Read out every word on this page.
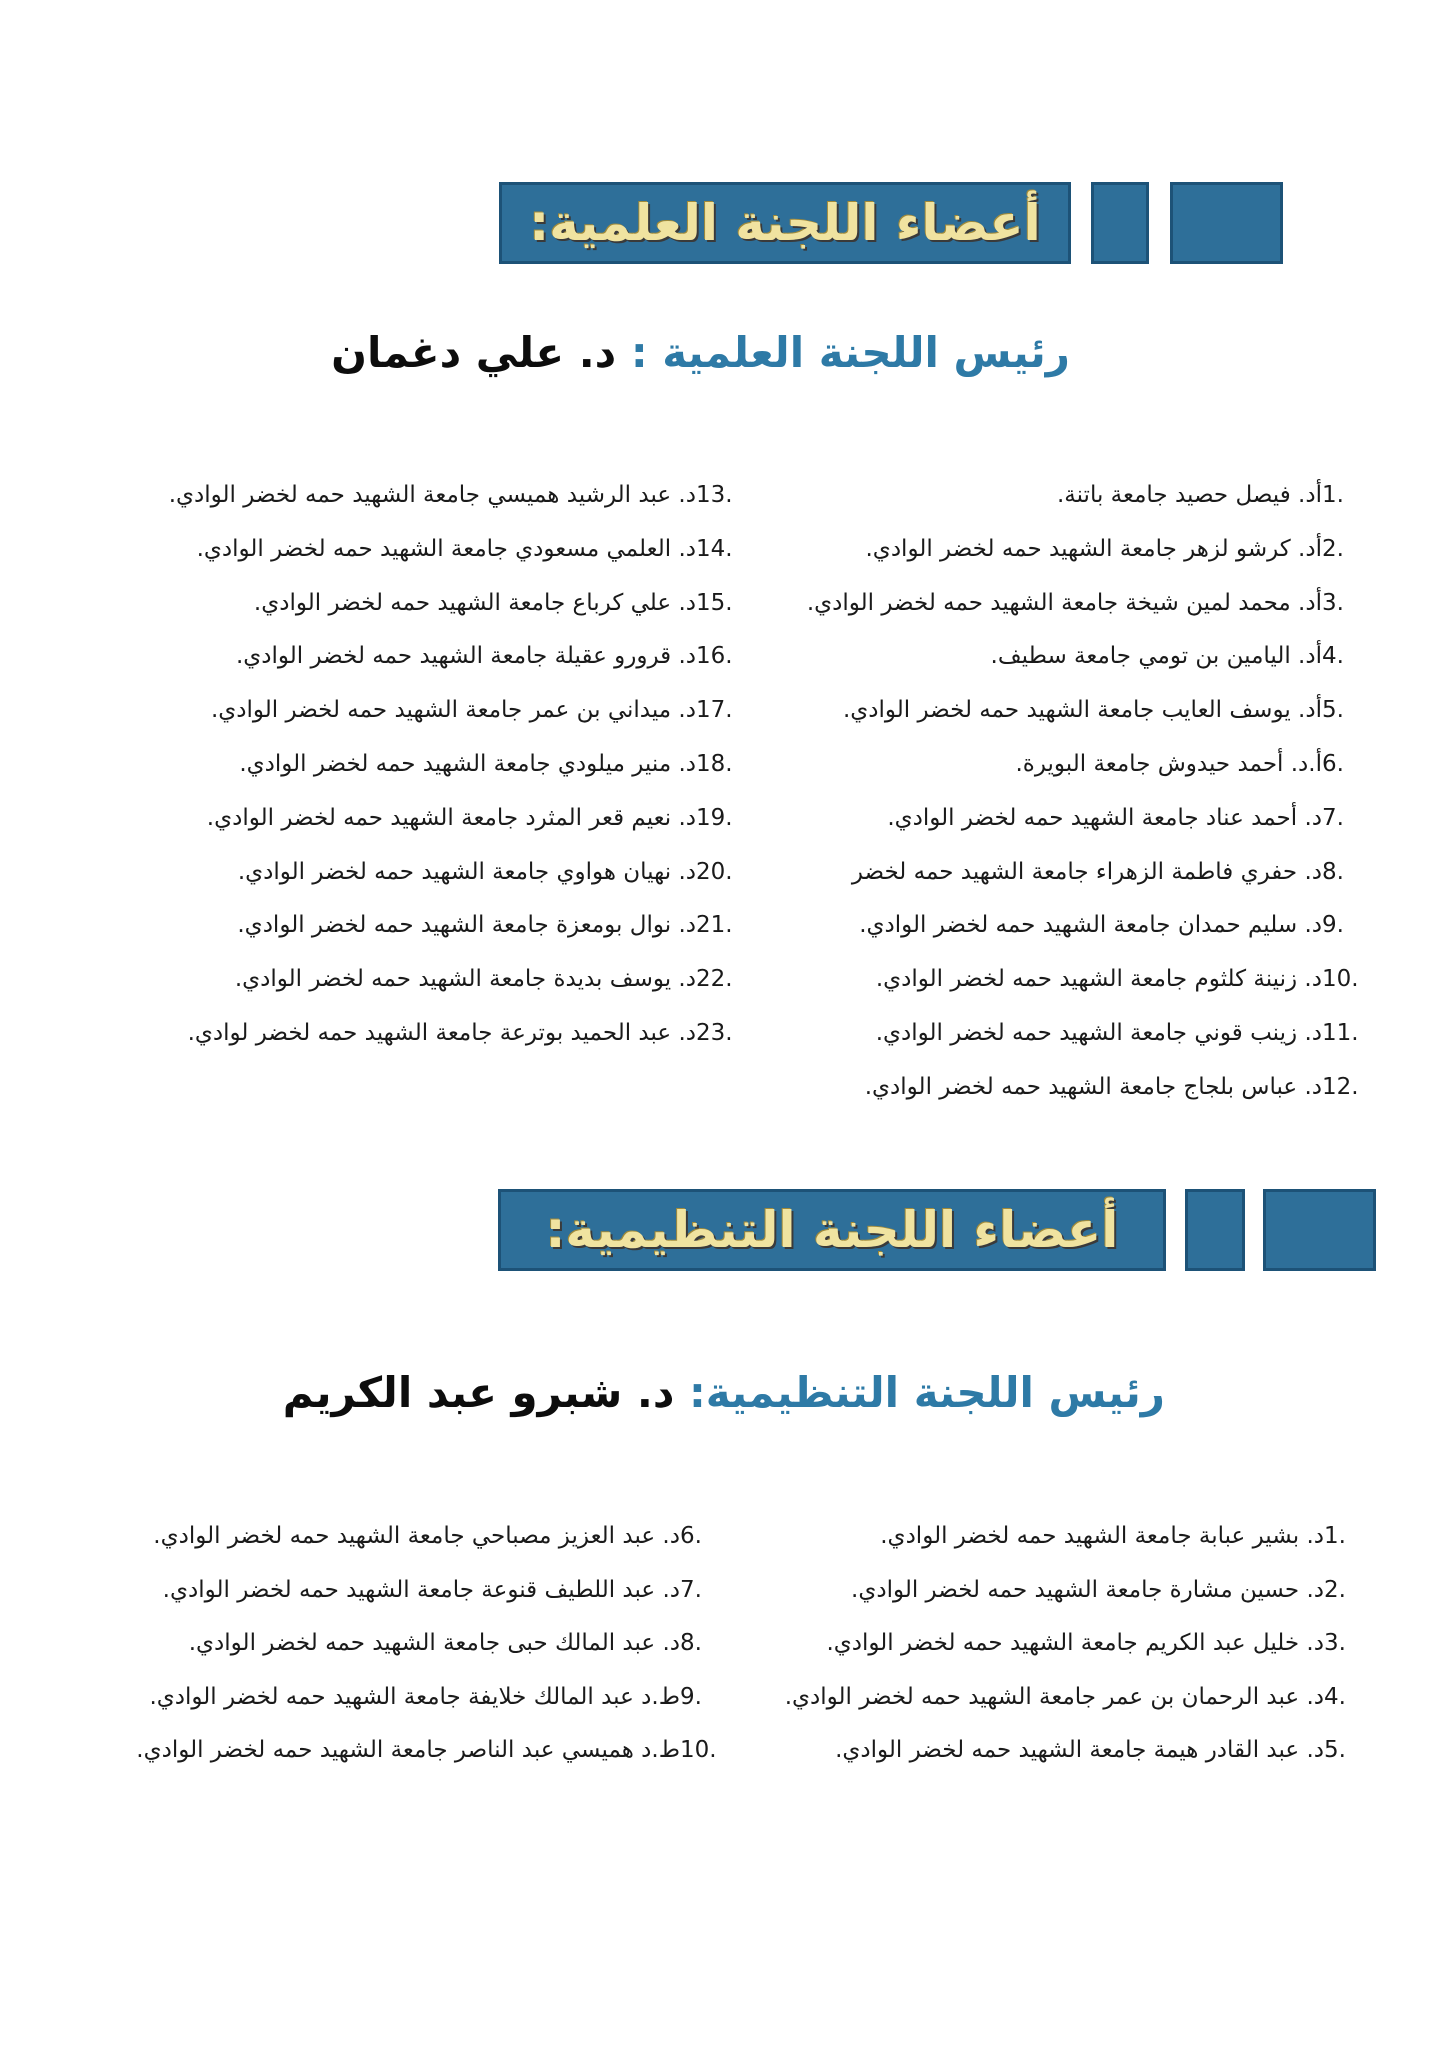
أعضاء اللجنة العلمية:
رئيس اللجنة العلمية : د. علي دغمان
1.
أد. فيصل حصيد جامعة باتنة.
2.
أد. كرشو لزهر جامعة الشهيد حمه لخضر الوادي.
3.
أد. محمد لمين شيخة جامعة الشهيد حمه لخضر الوادي.
4.
أد. اليامين بن تومي جامعة سطيف.
5.
أد. يوسف العايب جامعة الشهيد حمه لخضر الوادي.
6.
أ.د. أحمد حيدوش جامعة البويرة.
7.
د. أحمد عناد جامعة الشهيد حمه لخضر الوادي.
8.
د. حفري فاطمة الزهراء جامعة الشهيد حمه لخضر
9.
د. سليم حمدان جامعة الشهيد حمه لخضر الوادي.
10.
د. زنينة كلثوم جامعة الشهيد حمه لخضر الوادي.
11.
د. زينب قوني جامعة الشهيد حمه لخضر الوادي.
12.
د. عباس بلجاج جامعة الشهيد حمه لخضر الوادي.
13.
د. عبد الرشيد هميسي جامعة الشهيد حمه لخضر الوادي.
14.
د. العلمي مسعودي جامعة الشهيد حمه لخضر الوادي.
15.
د. علي كرباع جامعة الشهيد حمه لخضر الوادي.
16.
د. قرورو عقيلة جامعة الشهيد حمه لخضر الوادي.
17.
د. ميداني بن عمر جامعة الشهيد حمه لخضر الوادي.
18.
د. منير ميلودي جامعة الشهيد حمه لخضر الوادي.
19.
د. نعيم قعر المثرد جامعة الشهيد حمه لخضر الوادي.
20.
د. نهيان هواوي جامعة الشهيد حمه لخضر الوادي.
21.
د. نوال بومعزة جامعة الشهيد حمه لخضر الوادي.
22.
د. يوسف بديدة جامعة الشهيد حمه لخضر الوادي.
23.
د. عبد الحميد بوترعة جامعة الشهيد حمه لخضر لوادي.
أعضاء اللجنة التنظيمية:
رئيس اللجنة التنظيمية: د. شبرو عبد الكريم
1.
د. بشير عبابة جامعة الشهيد حمه لخضر الوادي.
2.
د. حسين مشارة جامعة الشهيد حمه لخضر الوادي.
3.
د. خليل عبد الكريم جامعة الشهيد حمه لخضر الوادي.
4.
د. عبد الرحمان بن عمر جامعة الشهيد حمه لخضر الوادي.
5.
د. عبد القادر هيمة جامعة الشهيد حمه لخضر الوادي.
6.
د. عبد العزيز مصباحي جامعة الشهيد حمه لخضر الوادي.
7.
د. عبد اللطيف قنوعة جامعة الشهيد حمه لخضر الوادي.
8.
د. عبد المالك حبى جامعة الشهيد حمه لخضر الوادي.
9.
ط.د عبد المالك خلايفة جامعة الشهيد حمه لخضر الوادي.
10.
ط.د هميسي عبد الناصر جامعة الشهيد حمه لخضر الوادي.
